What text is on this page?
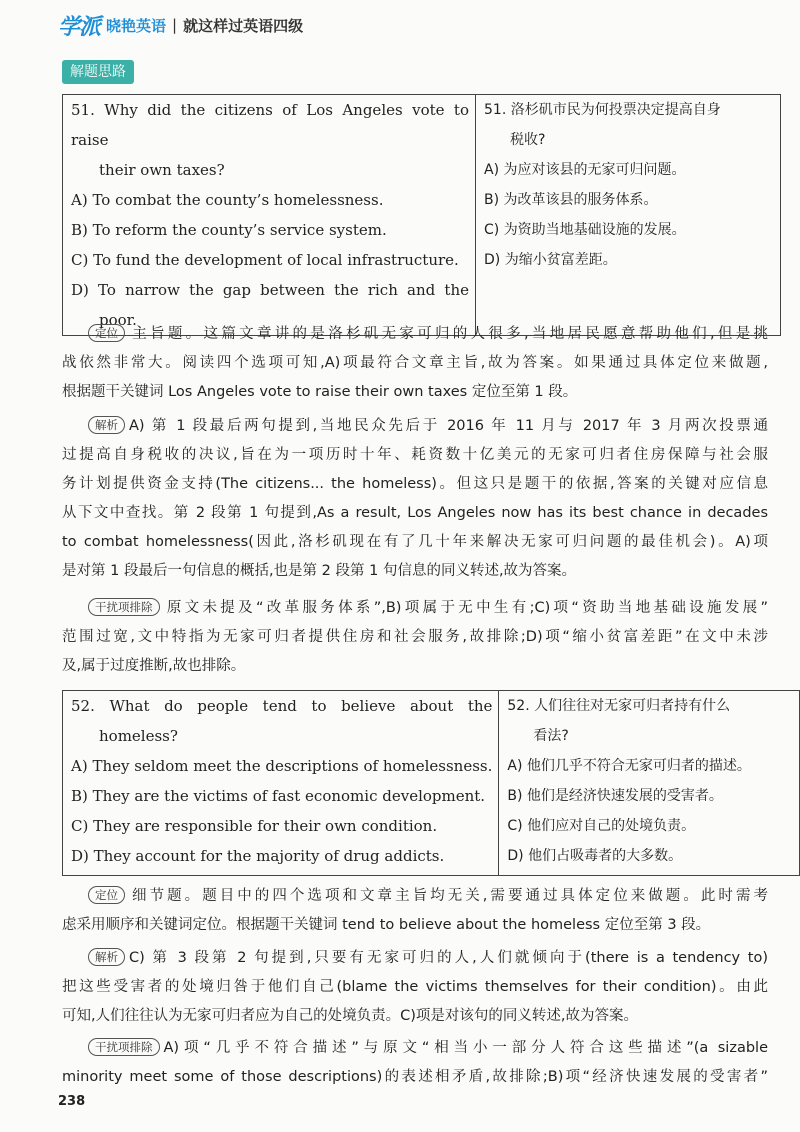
学派 晓艳英语 | 就这样过英语四级
解题思路
51. Why did the citizens of Los Angeles vote to raise
their own taxes?
A) To combat the county’s homelessness.
B) To reform the county’s service system.
C) To fund the development of local infrastructure.
D) To narrow the gap between the rich and the
poor.

51. 洛杉矶市民为何投票决定提高自身
税收?
A) 为应对该县的无家可归问题。
B) 为改革该县的服务体系。
C) 为资助当地基础设施的发展。
D) 为缩小贫富差距。
定位 主旨题。这篇文章讲的是洛杉矶无家可归的人很多,当地居民愿意帮助他们,但是挑
战依然非常大。阅读四个选项可知,A)项最符合文章主旨,故为答案。如果通过具体定位来做题,
根据题干关键词 Los Angeles vote to raise their own taxes 定位至第 1 段。
解析 A) 第 1 段最后两句提到,当地民众先后于 2016 年 11 月与 2017 年 3 月两次投票通
过提高自身税收的决议,旨在为一项历时十年、耗资数十亿美元的无家可归者住房保障与社会服
务计划提供资金支持(The citizens... the homeless)。但这只是题干的依据,答案的关键对应信息
从下文中查找。第 2 段第 1 句提到,As a result, Los Angeles now has its best chance in decades
to combat homelessness(因此,洛杉矶现在有了几十年来解决无家可归问题的最佳机会)。A)项
是对第 1 段最后一句信息的概括,也是第 2 段第 1 句信息的同义转述,故为答案。
干扰项排除 原文未提及“改革服务体系”,B)项属于无中生有;C)项“资助当地基础设施发展”
范围过宽,文中特指为无家可归者提供住房和社会服务,故排除;D)项“缩小贫富差距”在文中未涉
及,属于过度推断,故也排除。
52. What do people tend to believe about the
homeless?
A) They seldom meet the descriptions of homelessness.
B) They are the victims of fast economic development.
C) They are responsible for their own condition.
D) They account for the majority of drug addicts.

52. 人们往往对无家可归者持有什么
看法?
A) 他们几乎不符合无家可归者的描述。
B) 他们是经济快速发展的受害者。
C) 他们应对自己的处境负责。
D) 他们占吸毒者的大多数。
定位 细节题。题目中的四个选项和文章主旨均无关,需要通过具体定位来做题。此时需考
虑采用顺序和关键词定位。根据题干关键词 tend to believe about the homeless 定位至第 3 段。
解析 C) 第 3 段第 2 句提到,只要有无家可归的人,人们就倾向于(there is a tendency to)
把这些受害者的处境归咎于他们自己(blame the victims themselves for their condition)。由此
可知,人们往往认为无家可归者应为自己的处境负责。C)项是对该句的同义转述,故为答案。
干扰项排除 A)项“几乎不符合描述”与原文“相当小一部分人符合这些描述”(a sizable
minority meet some of those descriptions)的表述相矛盾,故排除;B)项“经济快速发展的受害者”
238
